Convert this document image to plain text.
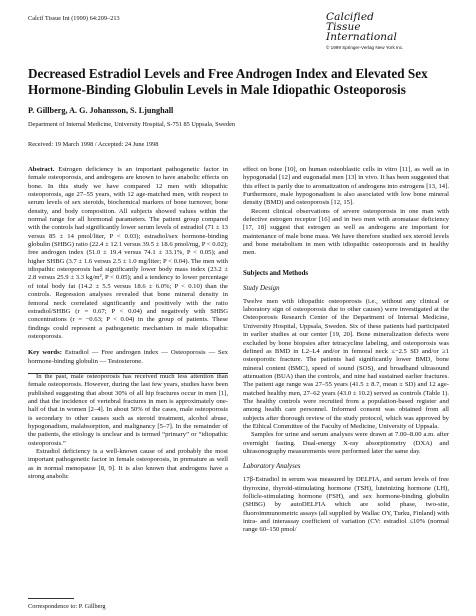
Calcif Tissue Int (1999) 64:209–213	Calcified
Tissue
International
© 1999 Springer-Verlag New York Inc.
Decreased Estradiol Levels and Free Androgen Index and Elevated Sex Hormone-Binding Globulin Levels in Male Idiopathic Osteoporosis
P. Gillberg, A. G. Johansson, S. Ljunghall
Department of Internal Medicine, University Hospital, S-751 85 Uppsala, Sweden
Received: 19 March 1998 / Accepted: 24 June 1998

Abstract. Estrogen deficiency is an important pathogenetic factor in female osteoporosis, and androgens are known to have anabolic effects on bone. In this study we have compared 12 men with idiopathic osteoporosis, age 27–55 years, with 12 age-matched men, with respect to serum levels of sex steroids, biochemical markers of bone turnover, bone density, and body composition. All subjects showed values within the normal range for all hormonal parameters. The patient group compared with the controls had significantly lower serum levels of estradiol (71 ± 13 versus 85 ± 14 pmol/liter, P < 0.03); estradiol/sex hormone-binding globulin (SHBG) ratio (22.4 ± 12.1 versus 39.5 ± 18.6 pmol/mg, P < 0.02); free androgen index (51.0 ± 19.4 versus 74.1 ± 33.1%, P < 0.05); and higher SHBG (3.7 ± 1.6 versus 2.5 ± 1.0 mg/liter; P < 0.04). The men with idiopathic osteoporosis had significantly lower body mass index (23.2 ± 2.8 versus 25.9 ± 3.3 kg/m², P < 0.05); and a tendency to lower percentage of total body fat (14.2 ± 5.5 versus 18.6 ± 6.0%; P < 0.10) than the controls. Regression analyses revealed that bone mineral density in femoral neck correlated significantly and positively with the ratio estradiol/SHBG (r = 0.67; P < 0.04) and negatively with SHBG concentrations (r = −0.63; P < 0.04) in the group of patients. These findings could represent a pathogenetic mechanism in male idiopathic osteoporosis.

Key words: Estradiol — Free androgen index — Osteoporosis — Sex hormone-binding globulin — Testosterone.

In the past, male osteoporosis has received much less attention than female osteoporosis. However, during the last few years, studies have been published suggesting that about 30% of all hip fractures occur in men [1], and that the incidence of vertebral fractures in men is approximately one-half of that in women [2–4]. In about 50% of the cases, male osteoporosis is secondary to other causes such as steroid treatment, alcohol abuse, hypogonadism, malabsorption, and malignancy [5–7]. In the remainder of the patients, the etiology is unclear and is termed “primary” or “idiopathic osteoporosis.”

Estradiol deficiency is a well-known cause of and probably the most important pathogenetic factor in female osteoporosis, in premature as well as in normal menopause [8, 9]. It is also known that androgens have a strong anabolic

Correspondence to: P. Gillberg

effect on bone [10], on human osteoblastic cells in vitro [11], as well as in hypogonadal [12] and eugonadal men [13] in vivo. It has been suggested that this effect is partly due to aromatization of androgens into estrogens [13, 14]. Furthermore, male hypogonadism is also associated with low bone mineral density (BMD) and osteoporosis [12, 15].

Recent clinical observations of severe osteoporosis in one man with defective estrogen receptor [16] and in two men with aromatase deficiency [17, 18] suggest that estrogen as well as androgens are important for maintenance of male bone mass. We have therefore studied sex steroid levels and bone metabolism in men with idiopathic osteoporosis and in healthy men.

Subjects and Methods
Study Design

Twelve men with idiopathic osteoporosis (i.e., without any clinical or laboratory sign of osteoporosis due to other causes) were investigated at the Osteoporosis Research Center of the Department of Internal Medicine, University Hospital, Uppsala, Sweden. Six of these patients had participated in earlier studies at our center [19, 20]. Bone mineralization defects were excluded by bone biopsies after tetracycline labeling, and osteoporosis was defined as BMD in L2–L4 and/or in femoral neck ≤−2.5 SD and/or ≥1 osteoporotic fracture. The patients had significantly lower BMD, bone mineral content (BMC), speed of sound (SOS), and broadband ultrasound attenuation (BUA) than the controls, and nine had sustained earlier fractures. The patient age range was 27–55 years (41.5 ± 8.7, mean ± SD) and 12 age-matched healthy men, 27–62 years (43.0 ± 10.2) served as controls (Table 1). The healthy controls were recruited from a population-based register and among health care personnel. Informed consent was obtained from all subjects after thorough review of the study protocol, which was approved by the Ethical Committee of the Faculty of Medicine, University of Uppsala.

Samples for urine and serum analyses were drawn at 7.00–8.00 a.m. after overnight fasting. Dual-energy X-ray absorptiometry (DXA) and ultrasonography measurements were performed later the same day.

Laboratory Analyses

17β-Estradiol in serum was measured by DELFIA, and serum levels of free thyroxine, thyroid-stimulating hormone (TSH), luteinizing hormone (LH), follicle-stimulating hormone (FSH), and sex hormone-binding globulin (SHBG) by autoDELFIA which are solid phase, two-site, fluoroimmunometric assays (all supplied by Wallac OY, Turku, Finland) with intra- and interassay coefficient of variation (CV: estradiol ≤10% (normal range 60–150 pmol/
